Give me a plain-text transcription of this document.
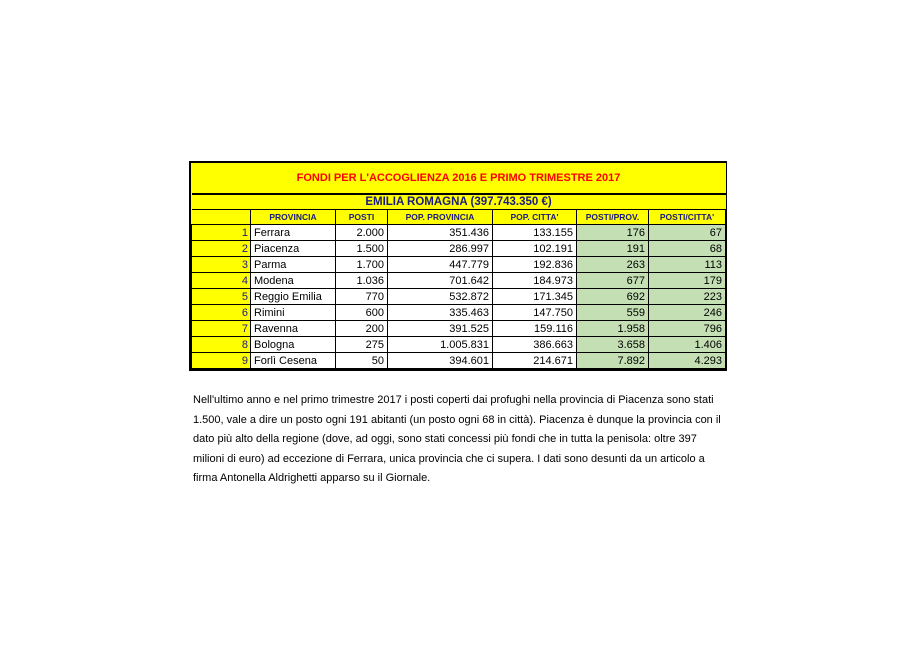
FONDI PER L'ACCOGLIENZA 2016 E PRIMO TRIMESTRE 2017						
EMILIA ROMAGNA (397.743.350 €)						
	PROVINCIA	POSTI	POP. PROVINCIA	POP. CITTA'	POSTI/PROV.	POSTI/CITTA'
1	Ferrara	2.000	351.436	133.155	176	67
2	Piacenza	1.500	286.997	102.191	191	68
3	Parma	1.700	447.779	192.836	263	113
4	Modena	1.036	701.642	184.973	677	179
5	Reggio Emilia	770	532.872	171.345	692	223
6	Rimini	600	335.463	147.750	559	246
7	Ravenna	200	391.525	159.116	1.958	796
8	Bologna	275	1.005.831	386.663	3.658	1.406
9	Forlì Cesena	50	394.601	214.671	7.892	4.293

Nell'ultimo anno e nel primo trimestre 2017 i posti coperti dai profughi nella provincia di Piacenza sono stati 1.500, vale a dire un posto ogni 191 abitanti (un posto ogni 68 in città). Piacenza è dunque la provincia con il dato più alto della regione (dove, ad oggi, sono stati concessi più fondi che in tutta la penisola: oltre 397 milioni di euro) ad eccezione di Ferrara, unica provincia che ci supera. I dati sono desunti da un articolo a firma Antonella Aldrighetti apparso su il Giornale.
